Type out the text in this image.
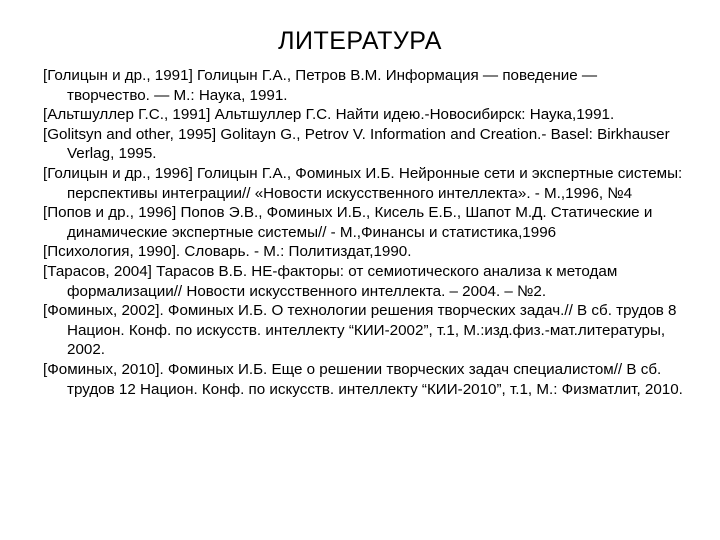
ЛИТЕРАТУРА
[Голицын и др., 1991] Голицын Г.А., Петров В.М. Информация — поведение — творчество. — М.: Наука, 1991.
[Альтшуллер Г.С., 1991] Альтшуллер Г.С. Найти идею.-Новосибирск: Наука,1991.
[Golitsyn and other, 1995] Golitayn G., Petrov V. Information and Creation.- Basel: Birkhauser Verlag, 1995.
[Голицын и др., 1996] Голицын Г.А., Фоминых И.Б. Нейронные сети и экспертные системы: перспективы интеграции// «Новости искусственного интеллекта». - М.,1996, №4
[Попов и др., 1996] Попов Э.В., Фоминых И.Б., Кисель Е.Б., Шапот М.Д. Статические и динамические экспертные системы// - М.,Финансы и статистика,1996
[Психология, 1990]. Словарь. - М.: Политиздат,1990.
[Тарасов, 2004] Тарасов В.Б. НЕ-факторы: от семиотического анализа к методам формализации// Новости искусственного интеллекта. – 2004. – №2.
[Фоминых, 2002]. Фоминых И.Б. О технологии решения творческих задач.// В сб. трудов 8 Национ. Конф. по искусств. интеллекту “КИИ-2002”, т.1, М.:изд.физ.-мат.литературы, 2002.
[Фоминых, 2010]. Фоминых И.Б. Еще о решении творческих задач специалистом// В сб. трудов 12 Национ. Конф. по искусств. интеллекту “КИИ-2010”, т.1, М.: Физматлит, 2010.
